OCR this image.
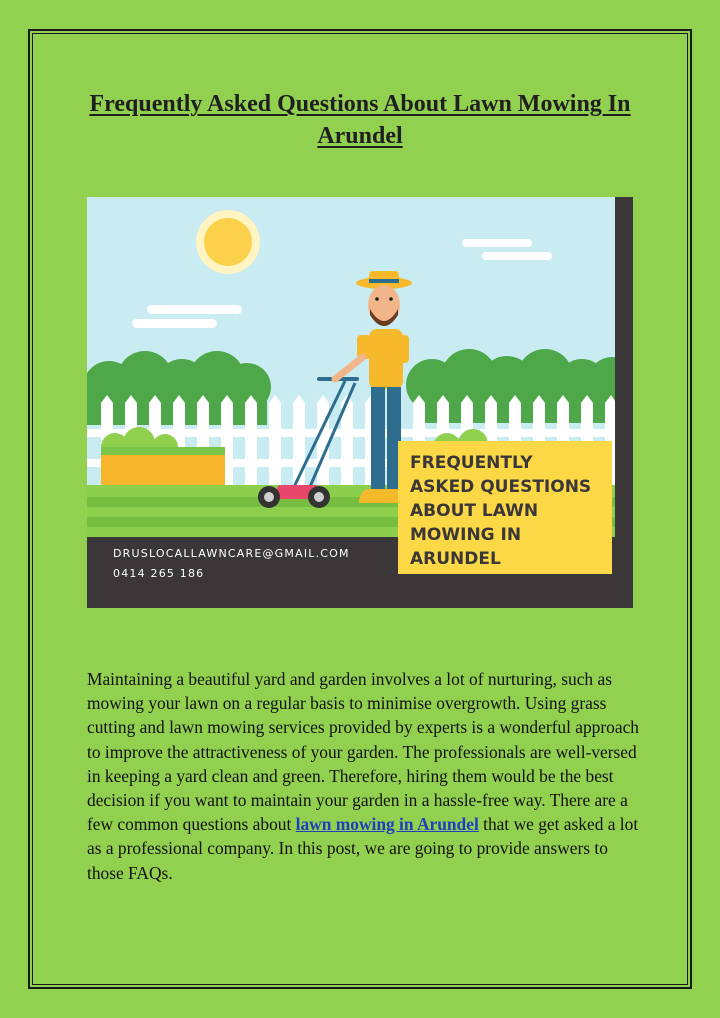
Frequently Asked Questions About Lawn Mowing In Arundel
FREQUENTLY
ASKED QUESTIONS
ABOUT LAWN
MOWING IN
ARUNDEL
DRUSLOCALLAWNCARE@GMAIL.COM
0414 265 186

Maintaining a beautiful yard and garden involves a lot of nurturing, such as mowing your lawn on a regular basis to minimise overgrowth. Using grass cutting and lawn mowing services provided by experts is a wonderful approach to improve the attractiveness of your garden. The professionals are well-versed in keeping a yard clean and green. Therefore, hiring them would be the best decision if you want to maintain your garden in a hassle-free way. There are a few common questions about lawn mowing in Arundel that we get asked a lot as a professional company. In this post, we are going to provide answers to those FAQs.
